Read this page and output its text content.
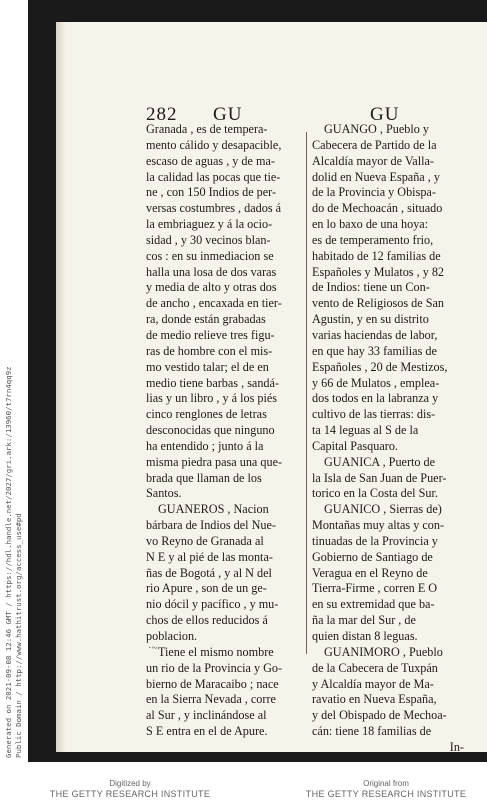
282 GU	GU
Granada , es de tempera-
mento cálido y desapacible,
escaso de aguas , y de ma-
la calidad las pocas que tie-
ne , con 150 Indios de per-
versas costumbres , dados á
la embriaguez y á la ocio-
sidad , y 30 vecinos blan-
cos : en su inmediacion se
halla una losa de dos varas
y media de alto y otras dos
de ancho , encaxada en tier-
ra, donde están grabadas
de medio relieve tres figu-
ras de hombre con el mis-
mo vestido talar; el de en
medio tiene barbas , sandá-
lias y un libro , y á los piés
cinco renglones de letras
desconocidas que ninguno
ha entendido ; junto á la
misma piedra pasa una que-
brada que llaman de los
Santos.
GUANEROS , Nacion
bárbara de Indios del Nue-
vo Reyno de Granada al
N E y al pié de las monta-
ñas de Bogotá , y al N del
rio Apure , son de un ge-
nio dócil y pacífico , y mu-
chos de ellos reducidos á
poblacion.
Tiene el mismo nombre
un rio de la Provincia y Go-
bierno de Maracaibo ; nace
en la Sierra Nevada , corre
al Sur , y inclinándose al
S E entra en el de Apure.
GUANGO , Pueblo y
Cabecera de Partido de la
Alcaldía mayor de Valla-
dolid en Nueva España , y
de la Provincia y Obispa-
do de Mechoacán , situado
en lo baxo de una hoya:
es de temperamento frio,
habitado de 12 familias de
Españoles y Mulatos , y 82
de Indios: tiene un Con-
vento de Religiosos de San
Agustin, y en su distrito
varias haciendas de labor,
en que hay 33 familias de
Españoles , 20 de Mestizos,
y 66 de Mulatos , emplea-
dos todos en la labranza y
cultivo de las tierras: dis-
ta 14 leguas al S de la
Capital Pasquaro.
GUANICA , Puerto de
la Isla de San Juan de Puer-
torico en la Costa del Sur.
GUANICO , Sierras de)
Montañas muy altas y con-
tinuadas de la Provincia y
Gobierno de Santiago de
Veragua en el Reyno de
Tierra-Firme , corren E O
en su extremidad que ba-
ña la mar del Sur , de
quien distan 8 leguas.
GUANIMORO , Pueblo
de la Cabecera de Tuxpán
y Alcaldía mayor de Ma-
ravatio en Nueva España,
y del Obispado de Mechoa-
cán: tiene 18 familias de
In-
·~
Generated on 2021-09-08 12:46 GMT / https://hdl.handle.net/2027/gri.ark:/13960/t7rn4qq9z Public Domain / http://www.hathitrust.org/access_use#pd
Digitized by
THE GETTY RESEARCH INSTITUTE
Original from
THE GETTY RESEARCH INSTITUTE
